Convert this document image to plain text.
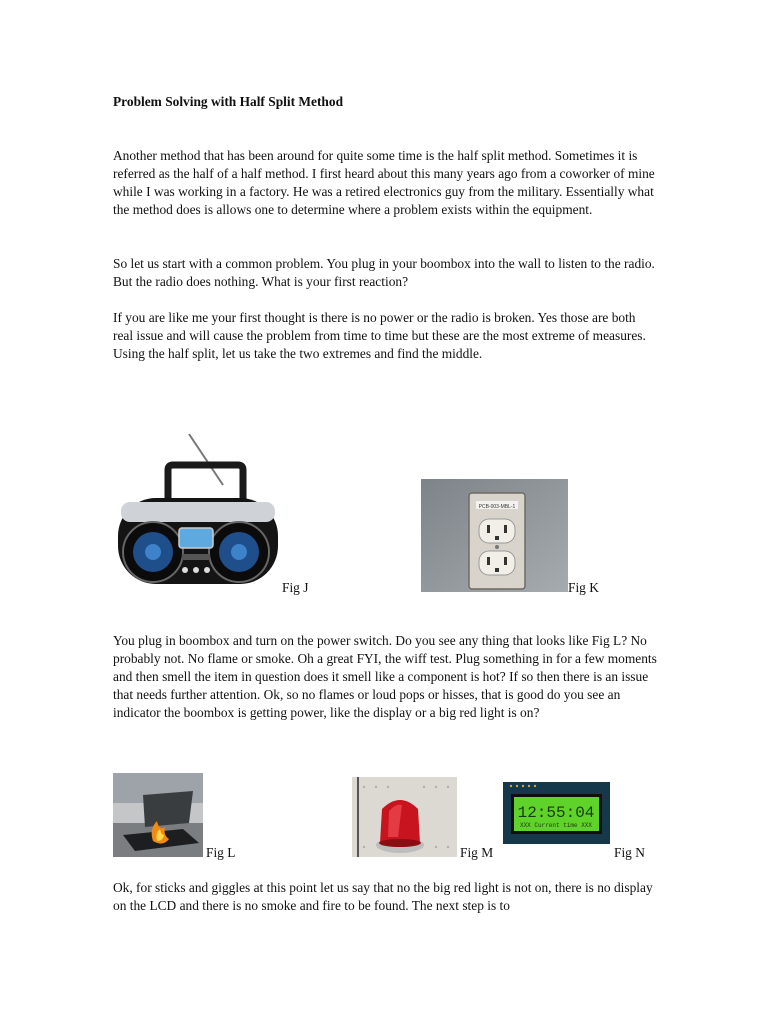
Problem Solving with Half Split Method

Another method that has been around for quite some time is the half split method. Sometimes it is referred as the half of a half method. I first heard about this many years ago from a coworker of mine while I was working in a factory. He was a retired electronics guy from the military. Essentially what the method does is allows one to determine where a problem exists within the equipment.

So let us start with a common problem. You plug in your boombox into the wall to listen to the radio. But the radio does nothing. What is your first reaction?

If you are like me your first thought is there is no power or the radio is broken. Yes those are both real issue and will cause the problem from time to time but these are the most extreme of measures. Using the half split, let us take the two extremes and find the middle.

Fig J
PCB-003-MBL-1
Fig K

You plug in boombox and turn on the power switch. Do you see any thing that looks like Fig L? No probably not. No flame or smoke. Oh a great FYI, the wiff test. Plug something in for a few moments and then smell the item in question does it smell like a component is hot? If so then there is an issue that needs further attention. Ok, so no flames or loud pops or hisses, that is good do you see an indicator the boombox is getting power, like the display or a big red light is on?

Fig L	Fig M
12:55:04
XXX Current time XXX
Fig N

Ok, for sticks and giggles at this point let us say that no the big red light is not on, there is no display on the LCD and there is no smoke and fire to be found. The next step is to
